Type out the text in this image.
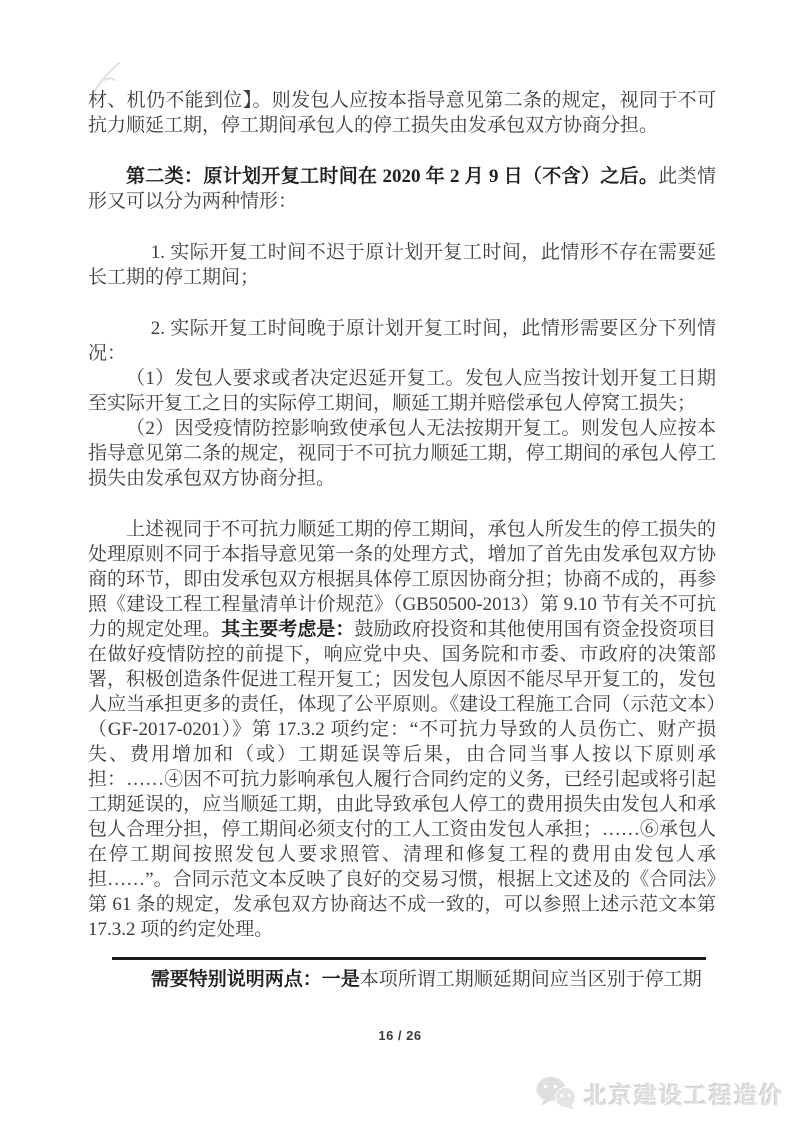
材、机仍不能到位】。则发包人应按本指导意见第二条的规定，视同于不可抗力顺延工期，停工期间承包人的停工损失由发承包双方协商分担。

第二类：原计划开复工时间在 2020 年 2 月 9 日（不含）之后。此类情形又可以分为两种情形：

1. 实际开复工时间不迟于原计划开复工时间，此情形不存在需要延长工期的停工期间；

2. 实际开复工时间晚于原计划开复工时间，此情形需要区分下列情况：

（1）发包人要求或者决定迟延开复工。发包人应当按计划开复工日期至实际开复工之日的实际停工期间，顺延工期并赔偿承包人停窝工损失；

（2）因受疫情防控影响致使承包人无法按期开复工。则发包人应按本指导意见第二条的规定，视同于不可抗力顺延工期，停工期间的承包人停工损失由发承包双方协商分担。

上述视同于不可抗力顺延工期的停工期间，承包人所发生的停工损失的处理原则不同于本指导意见第一条的处理方式，增加了首先由发承包双方协商的环节，即由发承包双方根据具体停工原因协商分担；协商不成的，再参照《建设工程工程量清单计价规范》（GB50500-2013）第 9.10 节有关不可抗力的规定处理。其主要考虑是：鼓励政府投资和其他使用国有资金投资项目在做好疫情防控的前提下，响应党中央、国务院和市委、市政府的决策部署，积极创造条件促进工程开复工；因发包人原因不能尽早开复工的，发包人应当承担更多的责任，体现了公平原则。《建设工程施工合同（示范文本）（GF-2017-0201）》第 17.3.2 项约定：“不可抗力导致的人员伤亡、财产损失、费用增加和（或）工期延误等后果，由合同当事人按以下原则承担：……④因不可抗力影响承包人履行合同约定的义务，已经引起或将引起工期延误的，应当顺延工期，由此导致承包人停工的费用损失由发包人和承包人合理分担，停工期间必须支付的工人工资由发包人承担；……⑥承包人在停工期间按照发包人要求照管、清理和修复工程的费用由发包人承担……”。合同示范文本反映了良好的交易习惯，根据上文述及的《合同法》第 61 条的规定，发承包双方协商达不成一致的，可以参照上述示范文本第 17.3.2 项的约定处理。

需要特别说明两点：一是本项所谓工期顺延期间应当区别于停工期

16 / 26
北京建设工程造价
